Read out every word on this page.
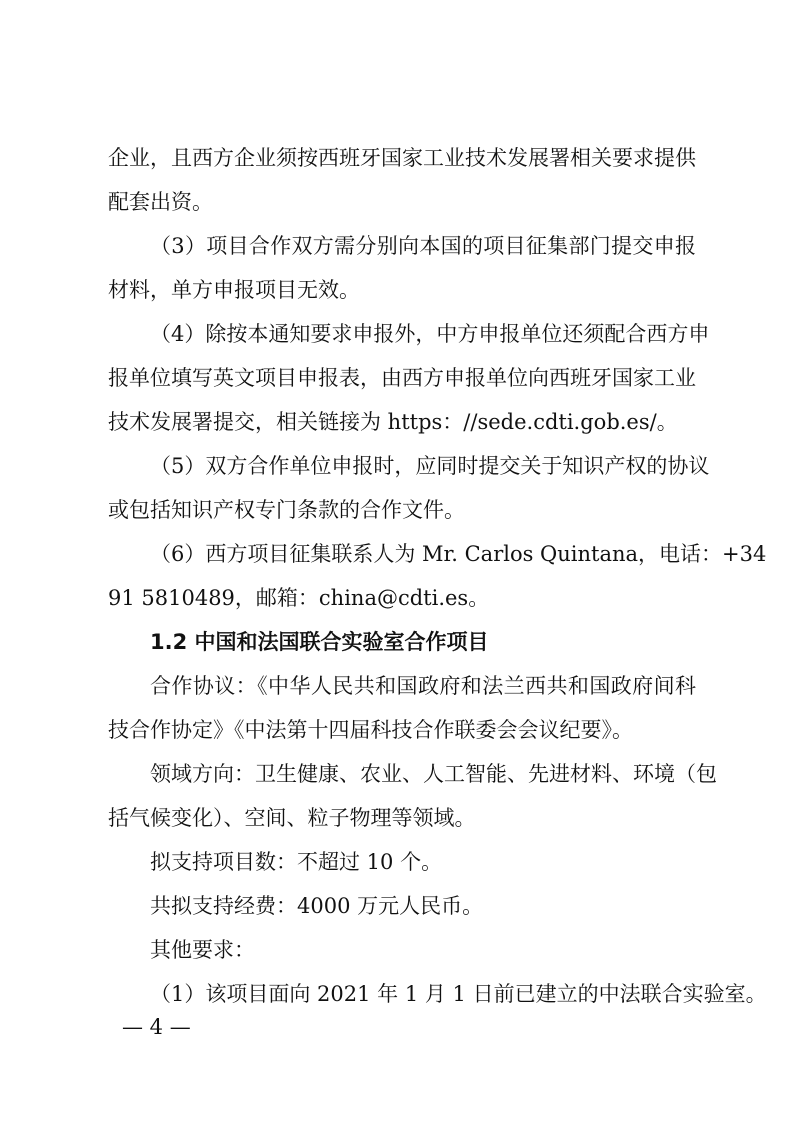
企业，且西方企业须按西班牙国家工业技术发展署相关要求提供
配套出资。
（3）项目合作双方需分别向本国的项目征集部门提交申报
材料，单方申报项目无效。
（4）除按本通知要求申报外，中方申报单位还须配合西方申
报单位填写英文项目申报表，由西方申报单位向西班牙国家工业
技术发展署提交，相关链接为 https：//sede.cdti.gob.es/。
（5）双方合作单位申报时，应同时提交关于知识产权的协议
或包括知识产权专门条款的合作文件。
（6）西方项目征集联系人为 Mr. Carlos Quintana，电话：+34
91 5810489，邮箱：china@cdti.es。
1.2 中国和法国联合实验室合作项目
合作协议：《中华人民共和国政府和法兰西共和国政府间科
技合作协定》《中法第十四届科技合作联委会会议纪要》。
领域方向：卫生健康、农业、人工智能、先进材料、环境（包
括气候变化）、空间、粒子物理等领域。
拟支持项目数：不超过 10 个。
共拟支持经费：4000 万元人民币。
其他要求：
（1）该项目面向 2021 年 1 月 1 日前已建立的中法联合实验室。
— 4 —
